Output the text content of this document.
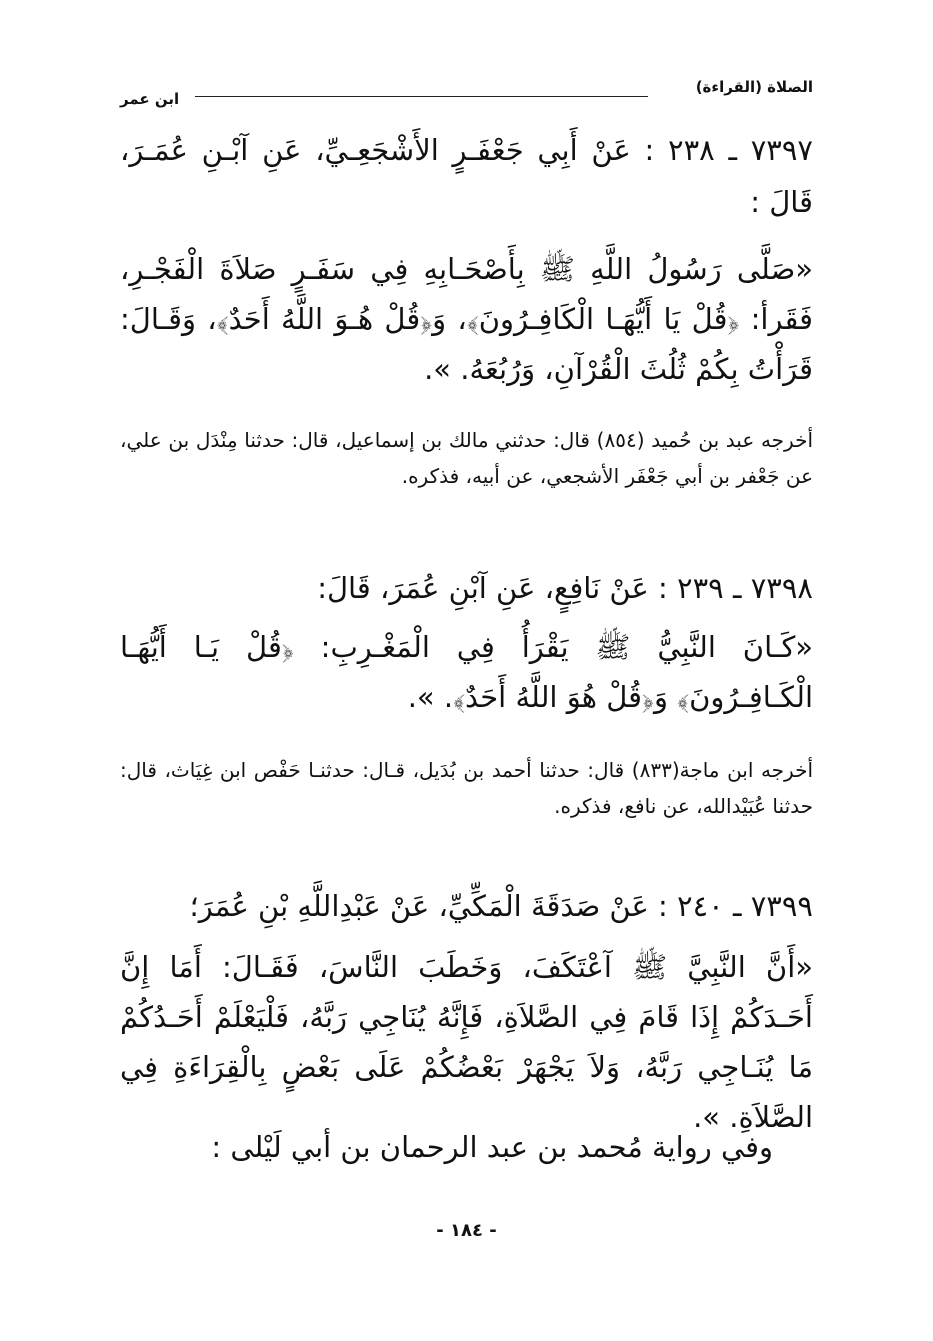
الصلاة (القراءة)
ابن عمر
٧٣٩٧ ـ ٢٣٨ : عَنْ أَبِي جَعْفَـرٍ الأَشْجَعِـيِّ، عَنِ آبْـنِ عُمَـرَ، قَالَ :
«صَلَّى رَسُولُ اللَّهِ ﷺ بِأَصْحَـابِهِ فِي سَفَـرٍ صَلاَةَ الْفَجْـرِ، فَقَرأ: ﴿قُلْ يَا أَيُّهَـا الْكَافِـرُونَ﴾، وَ﴿قُلْ هُـوَ اللَّهُ أَحَدٌ﴾، وَقَـالَ: قَرَأْتُ بِكُمْ ثُلُثَ الْقُرْآنِ، وَرُبُعَهُ. ».
أخرجه عبد بن حُميد (٨٥٤) قال: حدثني مالك بن إسماعيل، قال: حدثنا مِنْدَل بن علي، عن جَعْفر بن أبي جَعْفَر الأشجعي، عن أبيه، فذكره.
٧٣٩٨ ـ ٢٣٩ : عَنْ نَافِعٍ، عَنِ آبْنِ عُمَرَ، قَالَ:
«كَـانَ النَّبِيُّ ﷺ يَقْرَأُ فِي الْمَغْـرِبِ: ﴿قُلْ يَـا أَيُّهَـا الْكَـافِـرُونَ﴾ وَ﴿قُلْ هُوَ اللَّهُ أَحَدٌ﴾. ».
أخرجه ابن ماجة(٨٣٣) قال: حدثنا أحمد بن بُدَيل، قـال: حدثنـا حَفْص ابن غِيَاث، قال: حدثنا عُبَيْدالله، عن نافع، فذكره.
٧٣٩٩ ـ ٢٤٠ : عَنْ صَدَقَةَ الْمَكِّيِّ، عَنْ عَبْدِاللَّهِ بْنِ عُمَرَ؛
«أَنَّ النَّبِيَّ ﷺ آعْتَكَفَ، وَخَطَبَ النَّاسَ، فَقَـالَ: أَمَا إِنَّ أَحَـدَكُمْ إِذَا قَامَ فِي الصَّلاَةِ، فَإِنَّهُ يُنَاجِي رَبَّهُ، فَلْيَعْلَمْ أَحَـدُكُمْ مَا يُنَـاجِي رَبَّهُ، وَلاَ يَجْهَرْ بَعْضُكُمْ عَلَى بَعْضٍ بِالْقِرَاءَةِ فِي الصَّلاَةِ. ».
وفي رواية مُحمد بن عبد الرحمان بن أبي لَيْلى :
- ١٨٤ -
